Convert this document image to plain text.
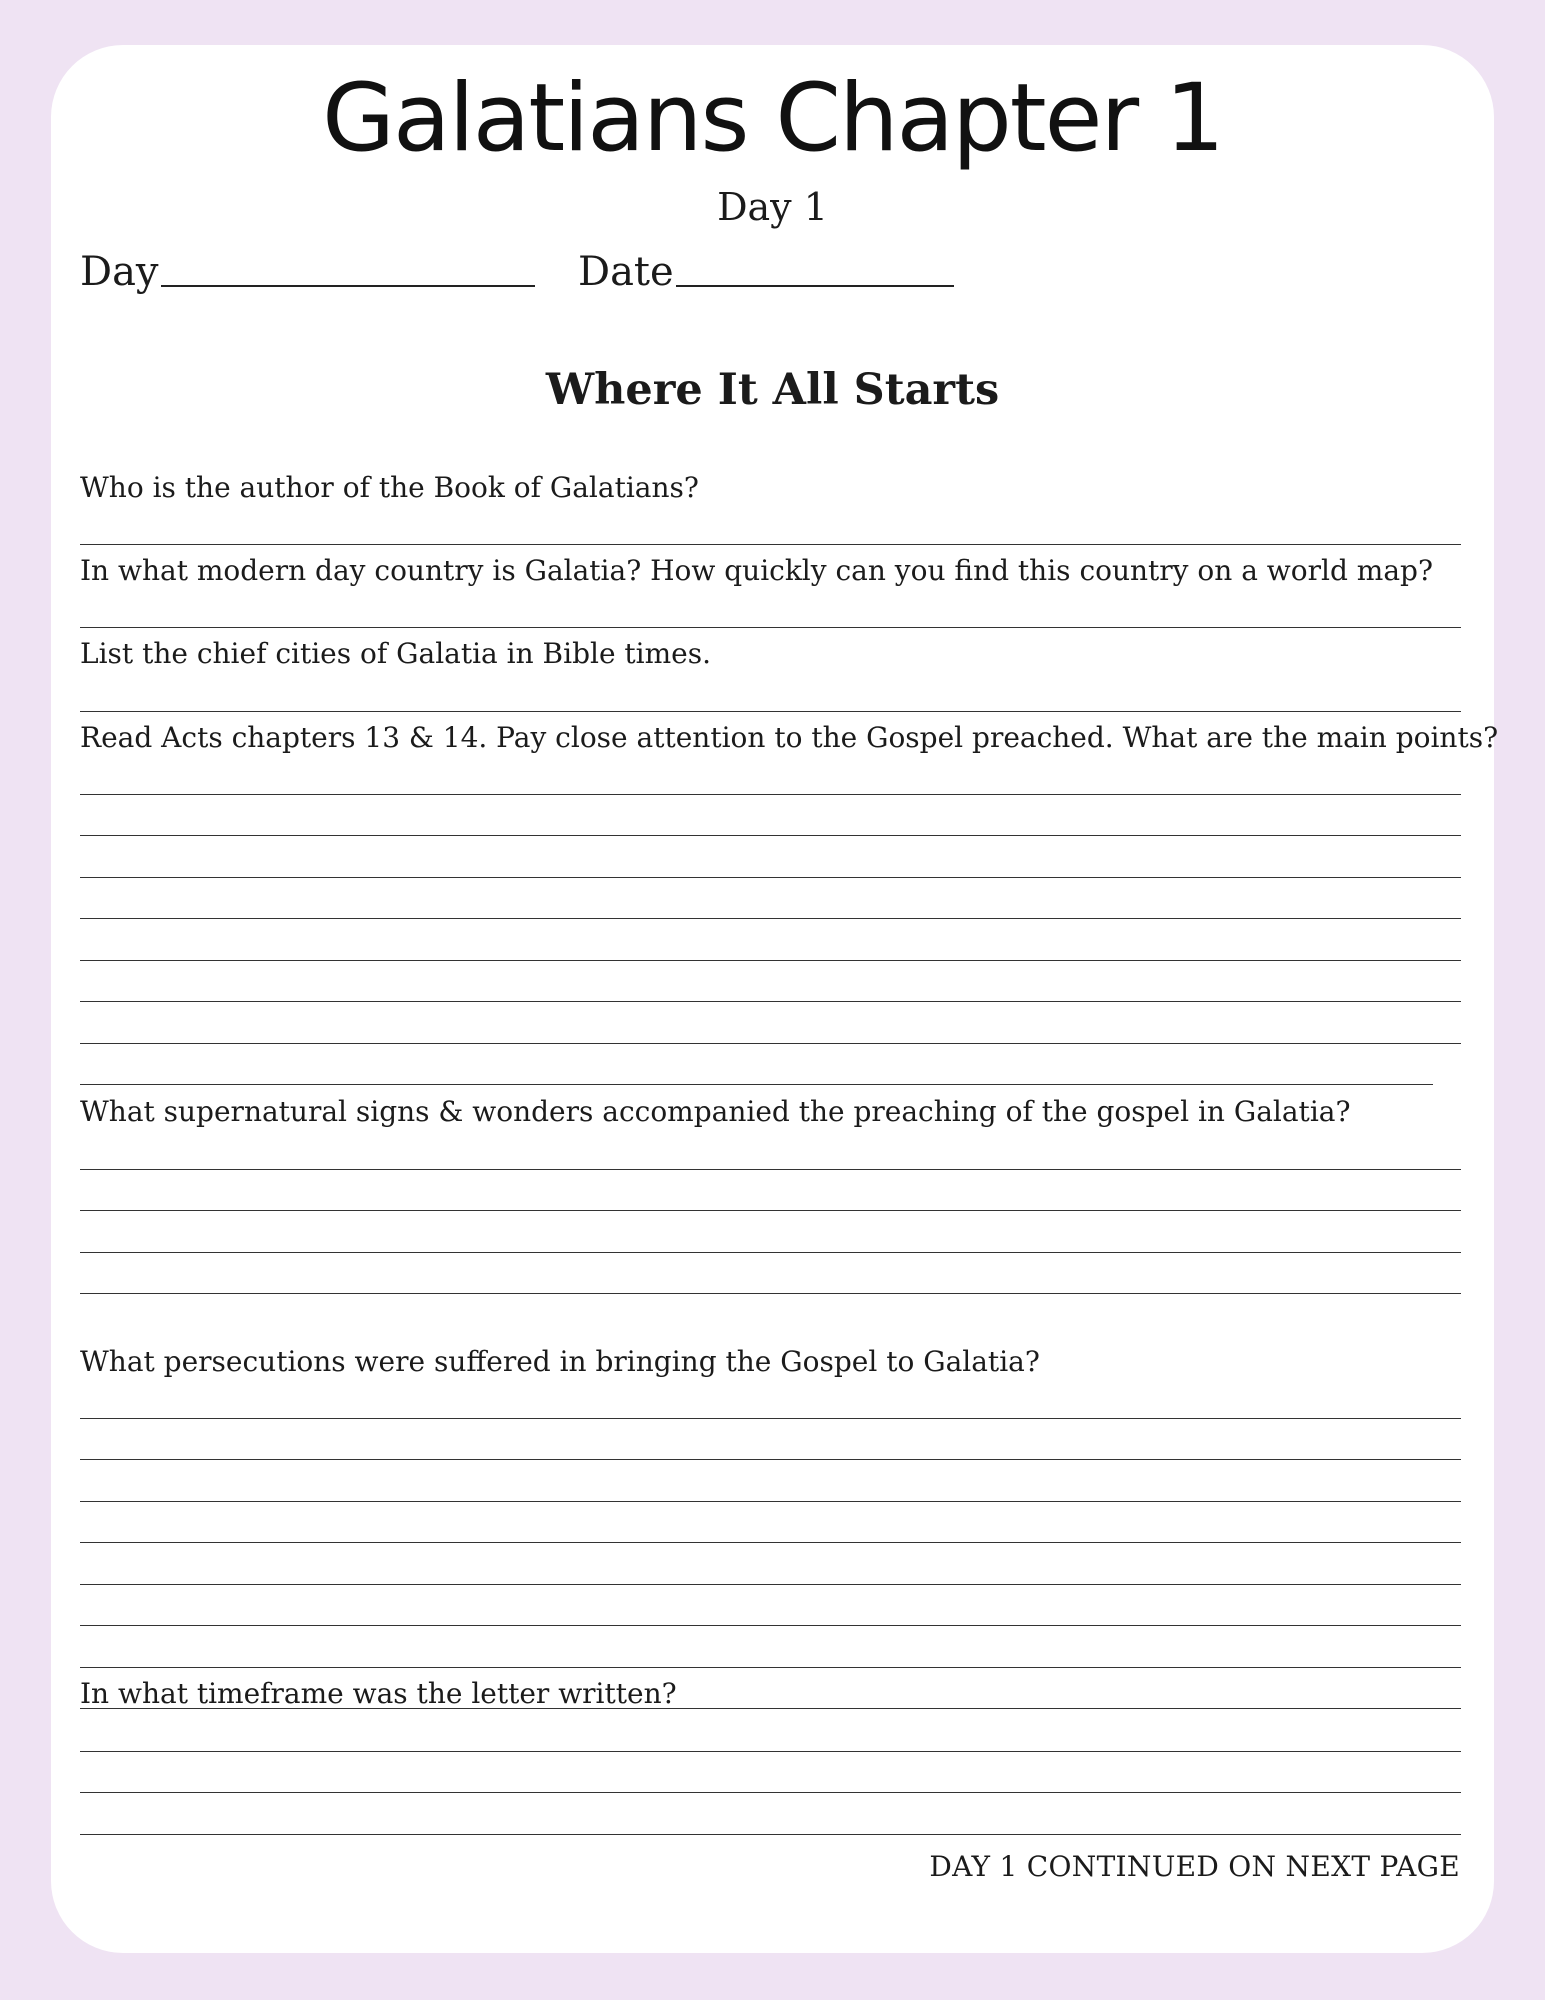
Galatians Chapter 1
Day 1
Day	Date
Where It All Starts
Who is the author of the Book of Galatians?
In what modern day country is Galatia? How quickly can you find this country on a world map?
List the chief cities of Galatia in Bible times.
Read Acts chapters 13 & 14. Pay close attention to the Gospel preached. What are the main points?
What supernatural signs & wonders accompanied the preaching of the gospel in Galatia?
What persecutions were suffered in bringing the Gospel to Galatia?
In what timeframe was the letter written?
DAY 1 CONTINUED ON NEXT PAGE
